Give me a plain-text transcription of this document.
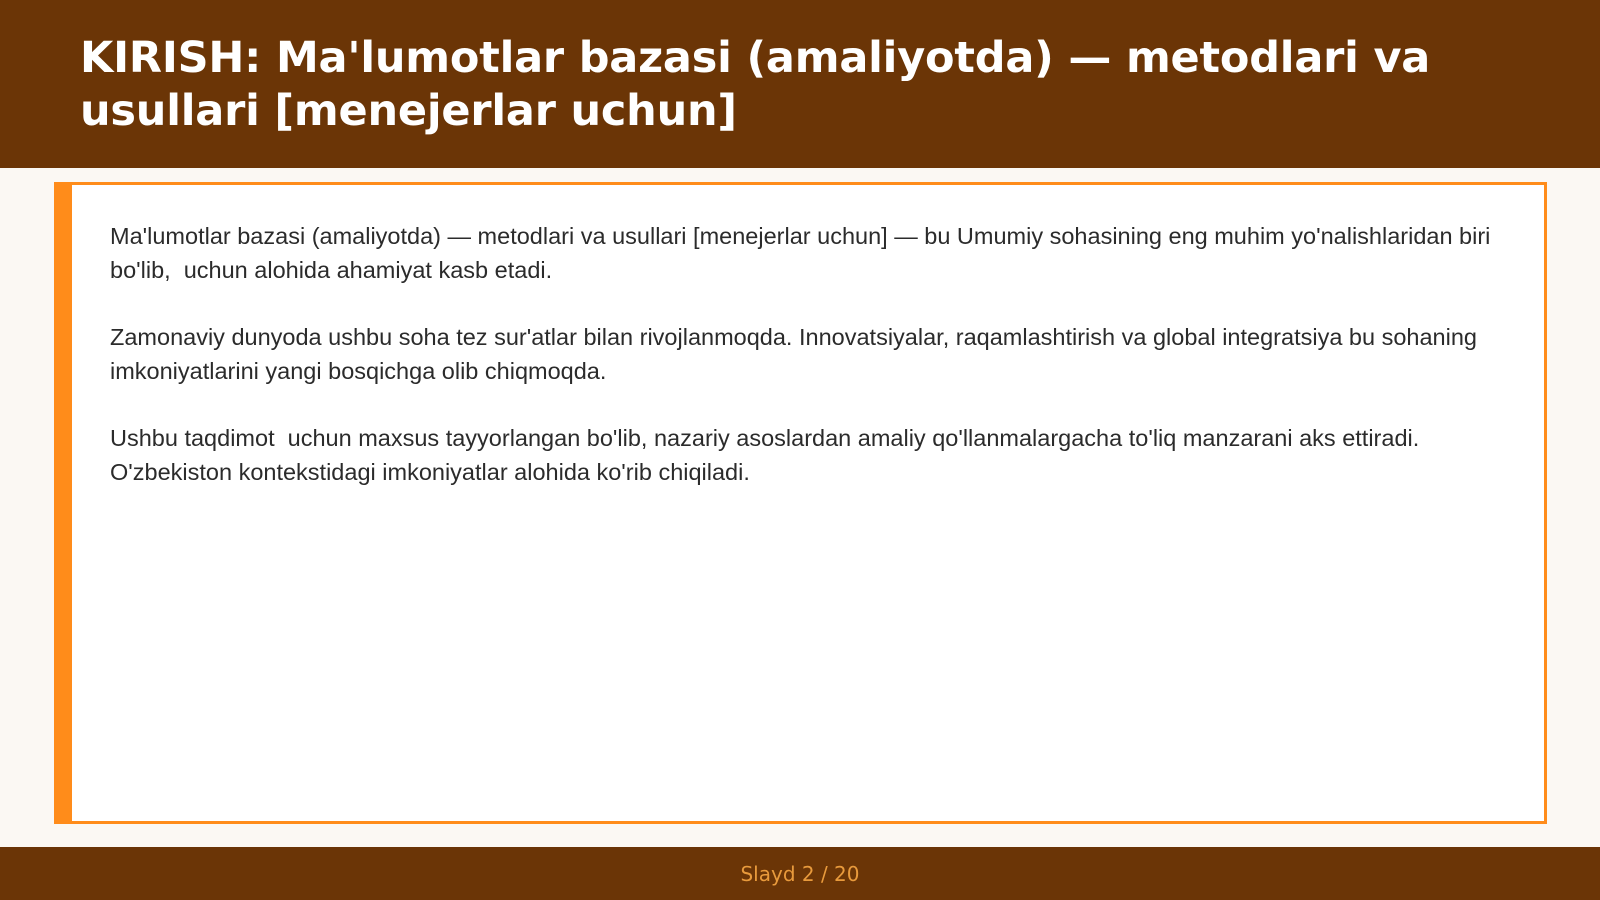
KIRISH: Ma'lumotlar bazasi (amaliyotda) — metodlari va usullari [menejerlar uchun]

Ma'lumotlar bazasi (amaliyotda) — metodlari va usullari [menejerlar uchun] — bu Umumiy sohasining eng muhim yo'nalishlaridan biri bo'lib,  uchun alohida ahamiyat kasb etadi.

Zamonaviy dunyoda ushbu soha tez sur'atlar bilan rivojlanmoqda. Innovatsiyalar, raqamlashtirish va global integratsiya bu sohaning imkoniyatlarini yangi bosqichga olib chiqmoqda.

Ushbu taqdimot  uchun maxsus tayyorlangan bo'lib, nazariy asoslardan amaliy qo'llanmalargacha to'liq manzarani aks ettiradi. O'zbekiston kontekstidagi imkoniyatlar alohida ko'rib chiqiladi.

Slayd 2 / 20
